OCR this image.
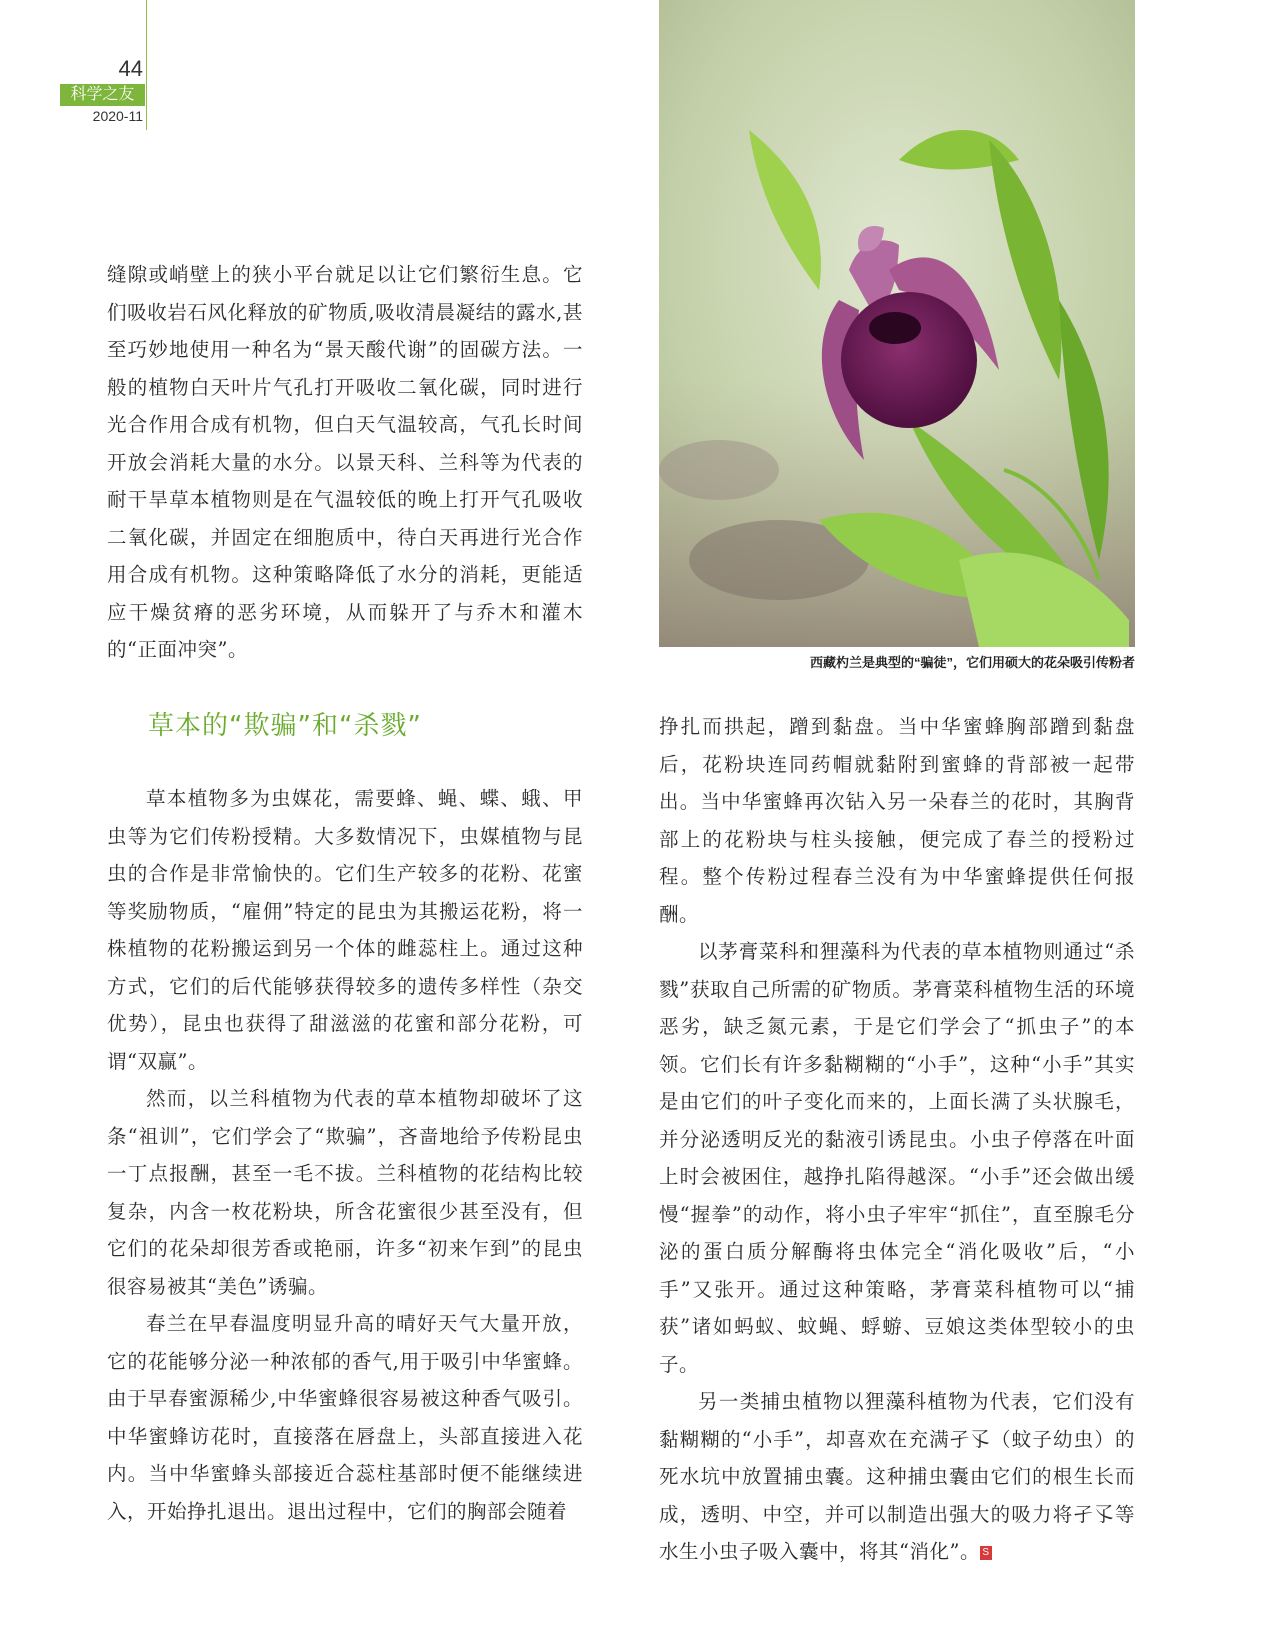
44
科学之友
2020-11
西藏杓兰是典型的“骗徒”，它们用硕大的花朵吸引传粉者

缝隙或峭壁上的狭小平台就足以让它们繁衍生息。它们吸收岩石风化释放的矿物质,吸收清晨凝结的露水,甚至巧妙地使用一种名为“景天酸代谢”的固碳方法。一般的植物白天叶片气孔打开吸收二氧化碳，同时进行光合作用合成有机物，但白天气温较高，气孔长时间开放会消耗大量的水分。以景天科、兰科等为代表的耐干旱草本植物则是在气温较低的晚上打开气孔吸收二氧化碳，并固定在细胞质中，待白天再进行光合作用合成有机物。这种策略降低了水分的消耗，更能适应干燥贫瘠的恶劣环境，从而躲开了与乔木和灌木的“正面冲突”。

草本的“欺骗”和“杀戮”

草本植物多为虫媒花，需要蜂、蝇、蝶、蛾、甲虫等为它们传粉授精。大多数情况下，虫媒植物与昆虫的合作是非常愉快的。它们生产较多的花粉、花蜜等奖励物质，“雇佣”特定的昆虫为其搬运花粉，将一株植物的花粉搬运到另一个体的雌蕊柱上。通过这种方式，它们的后代能够获得较多的遗传多样性（杂交优势），昆虫也获得了甜滋滋的花蜜和部分花粉，可谓“双赢”。

然而，以兰科植物为代表的草本植物却破坏了这条“祖训”，它们学会了“欺骗”，吝啬地给予传粉昆虫一丁点报酬，甚至一毛不拔。兰科植物的花结构比较复杂，内含一枚花粉块，所含花蜜很少甚至没有，但它们的花朵却很芳香或艳丽，许多“初来乍到”的昆虫很容易被其“美色”诱骗。

春兰在早春温度明显升高的晴好天气大量开放，它的花能够分泌一种浓郁的香气,用于吸引中华蜜蜂。由于早春蜜源稀少,中华蜜蜂很容易被这种香气吸引。中华蜜蜂访花时，直接落在唇盘上，头部直接进入花内。当中华蜜蜂头部接近合蕊柱基部时便不能继续进入，开始挣扎退出。退出过程中，它们的胸部会随着

挣扎而拱起，蹭到黏盘。当中华蜜蜂胸部蹭到黏盘后，花粉块连同药帽就黏附到蜜蜂的背部被一起带出。当中华蜜蜂再次钻入另一朵春兰的花时，其胸背部上的花粉块与柱头接触，便完成了春兰的授粉过程。整个传粉过程春兰没有为中华蜜蜂提供任何报酬。

以茅膏菜科和狸藻科为代表的草本植物则通过“杀戮”获取自己所需的矿物质。茅膏菜科植物生活的环境恶劣，缺乏氮元素，于是它们学会了“抓虫子”的本领。它们长有许多黏糊糊的“小手”，这种“小手”其实是由它们的叶子变化而来的，上面长满了头状腺毛，并分泌透明反光的黏液引诱昆虫。小虫子停落在叶面上时会被困住，越挣扎陷得越深。“小手”还会做出缓慢“握拳”的动作，将小虫子牢牢“抓住”，直至腺毛分泌的蛋白质分解酶将虫体完全“消化吸收”后，“小手”又张开。通过这种策略，茅膏菜科植物可以“捕获”诸如蚂蚁、蚊蝇、蜉蝣、豆娘这类体型较小的虫子。

另一类捕虫植物以狸藻科植物为代表，它们没有黏糊糊的“小手”，却喜欢在充满孑孓（蚊子幼虫）的死水坑中放置捕虫囊。这种捕虫囊由它们的根生长而成，透明、中空，并可以制造出强大的吸力将孑孓等水生小虫子吸入囊中，将其“消化”。 S
